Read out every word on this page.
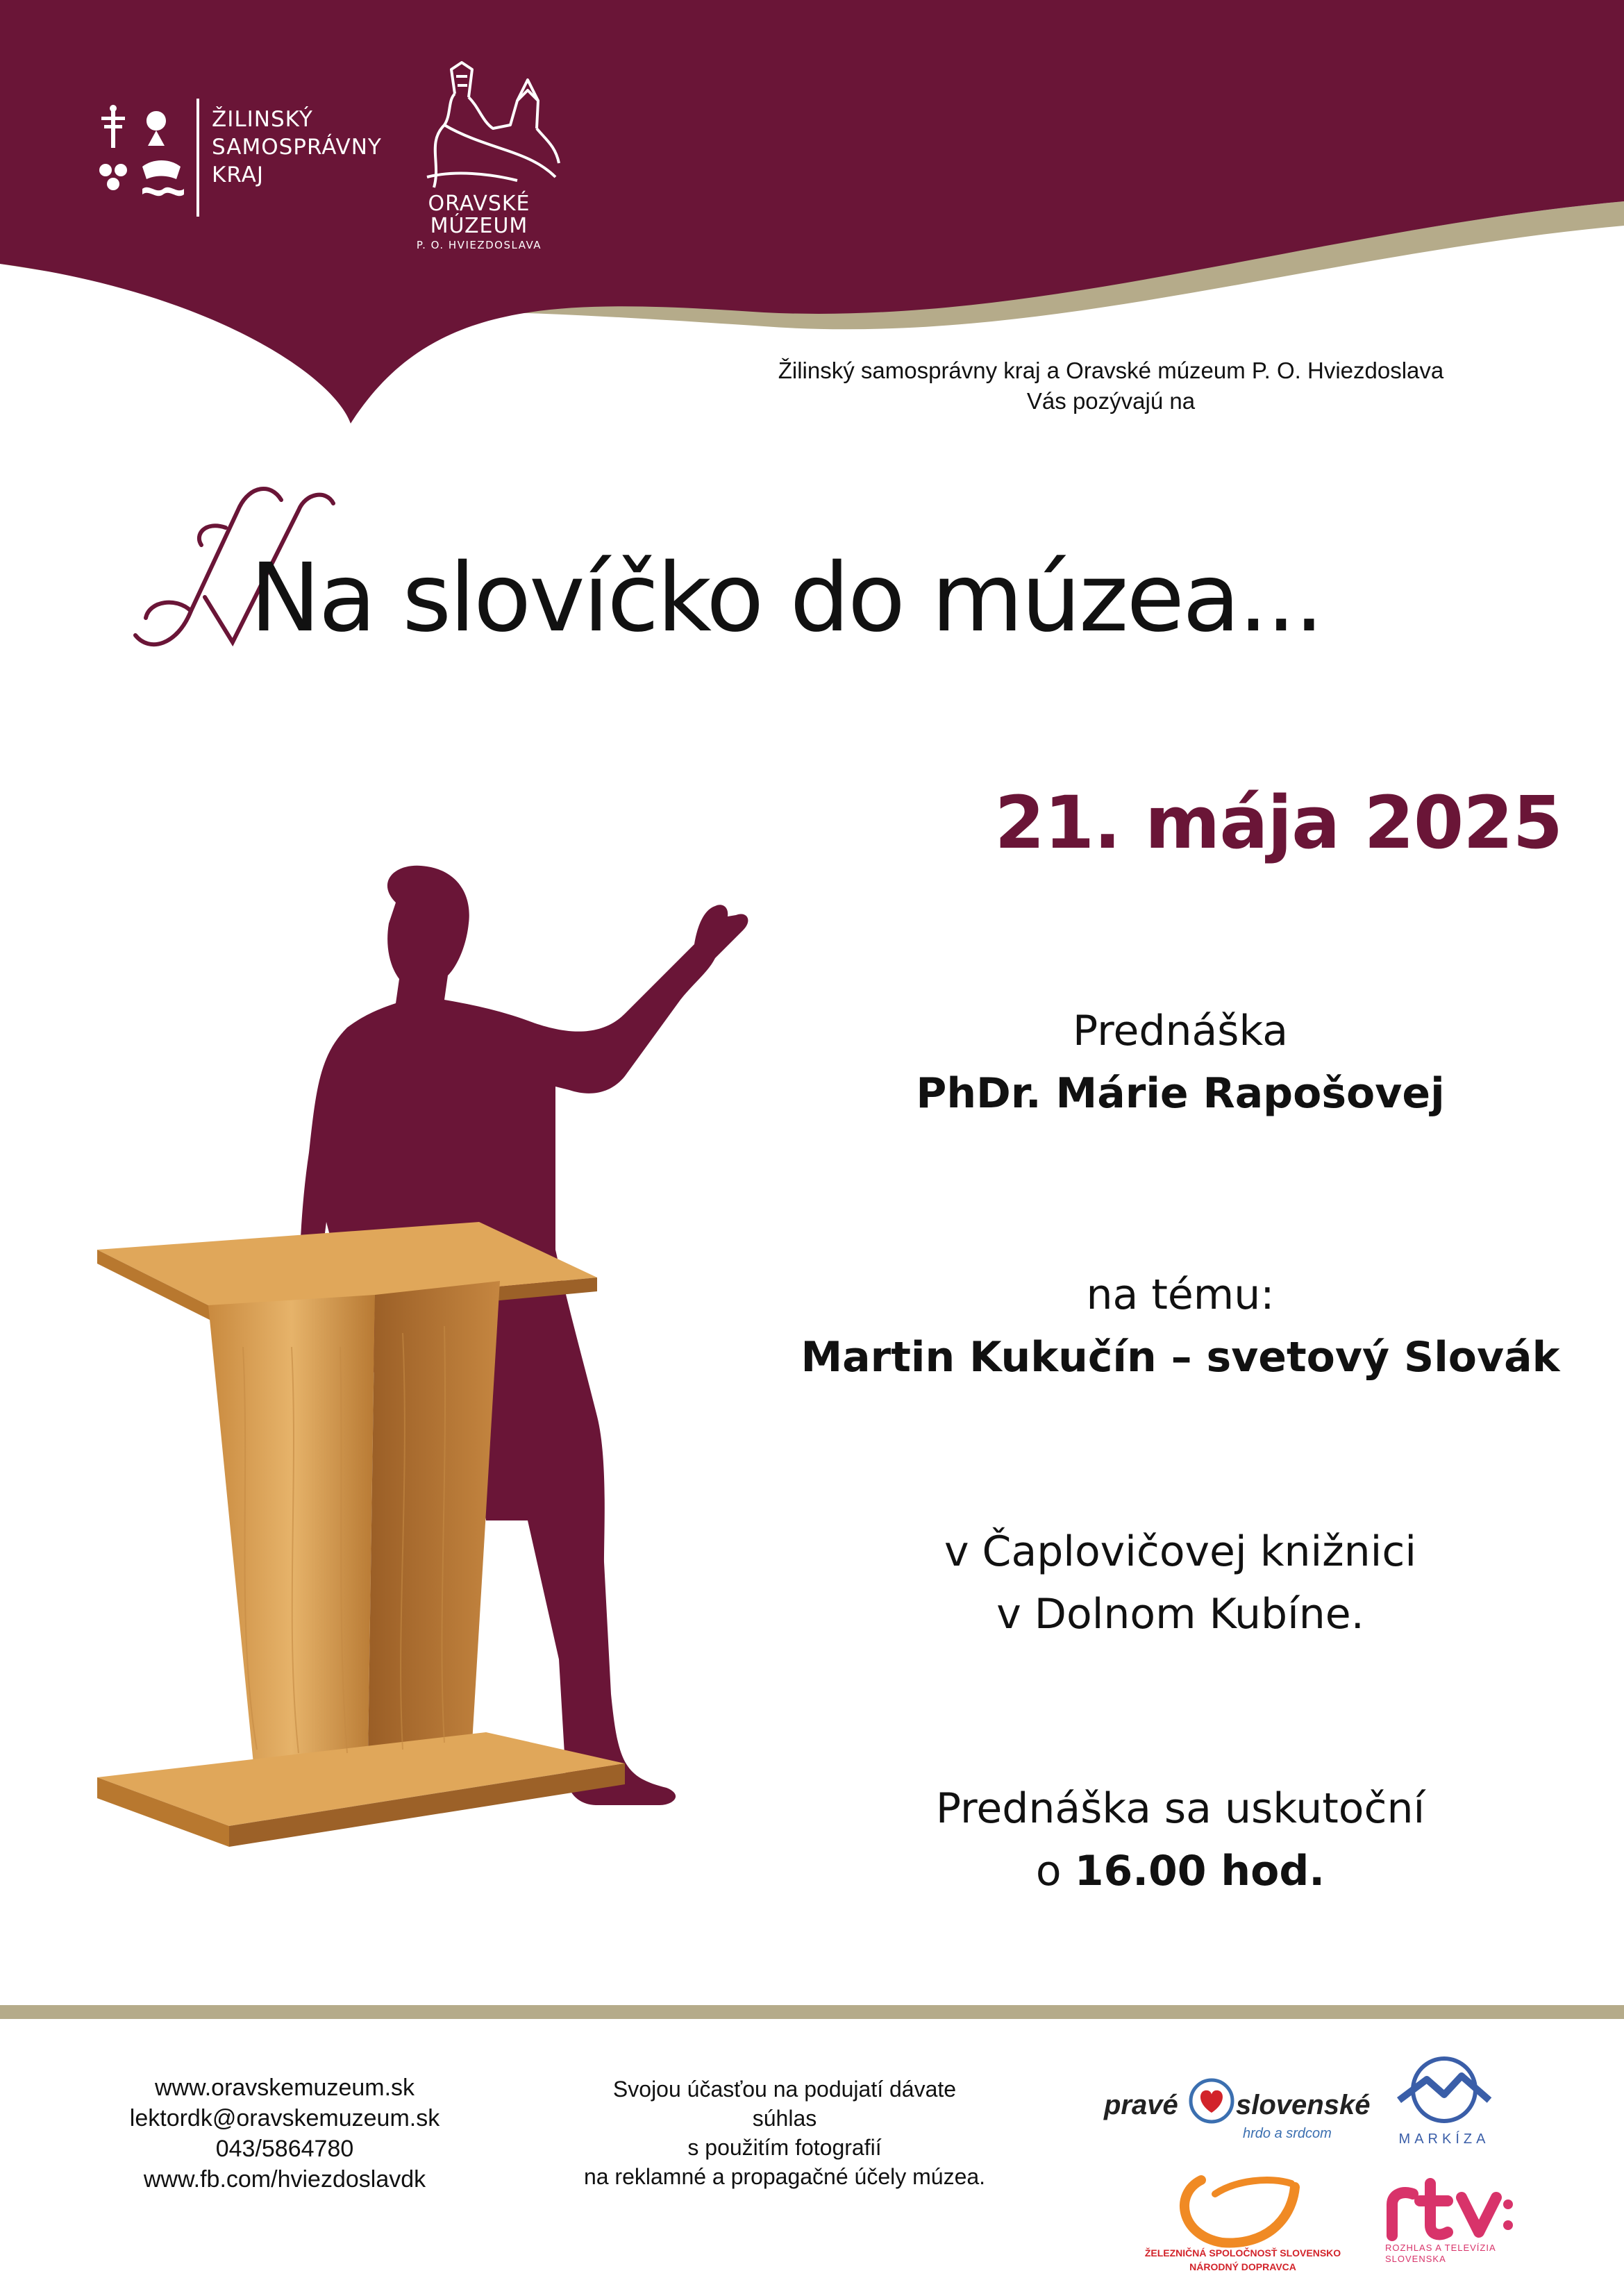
ŽILINSKÝ
SAMOSPRÁVNY
KRAJ
ORAVSKÉ
MÚZEUM
P. O. HVIEZDOSLAVA
Žilinský samosprávny kraj a Oravské múzeum P. O. Hviezdoslava
Vás pozývajú na
Na slovíčko do múzea...
21. mája 2025
Prednáška
PhDr. Márie Rapošovej
na tému:
Martin Kukučín – svetový Slovák
v Čaplovičovej knižnici
v Dolnom Kubíne.
Prednáška sa uskutoční
o 16.00 hod.
www.oravskemuzeum.sk
lektordk@oravskemuzeum.sk
043/5864780
www.fb.com/hviezdoslavdk
Svojou účasťou na podujatí dávate
súhlas
s použitím fotografií
na reklamné a propagačné účely múzea.
pravé slovenské
hrdo a srdcom	MARKÍZA
ŽELEZNIČNÁ SPOLOČNOSŤ SLOVENSKO
NÁRODNÝ DOPRAVCA
ROZHLAS A TELEVÍZIA
SLOVENSKA
